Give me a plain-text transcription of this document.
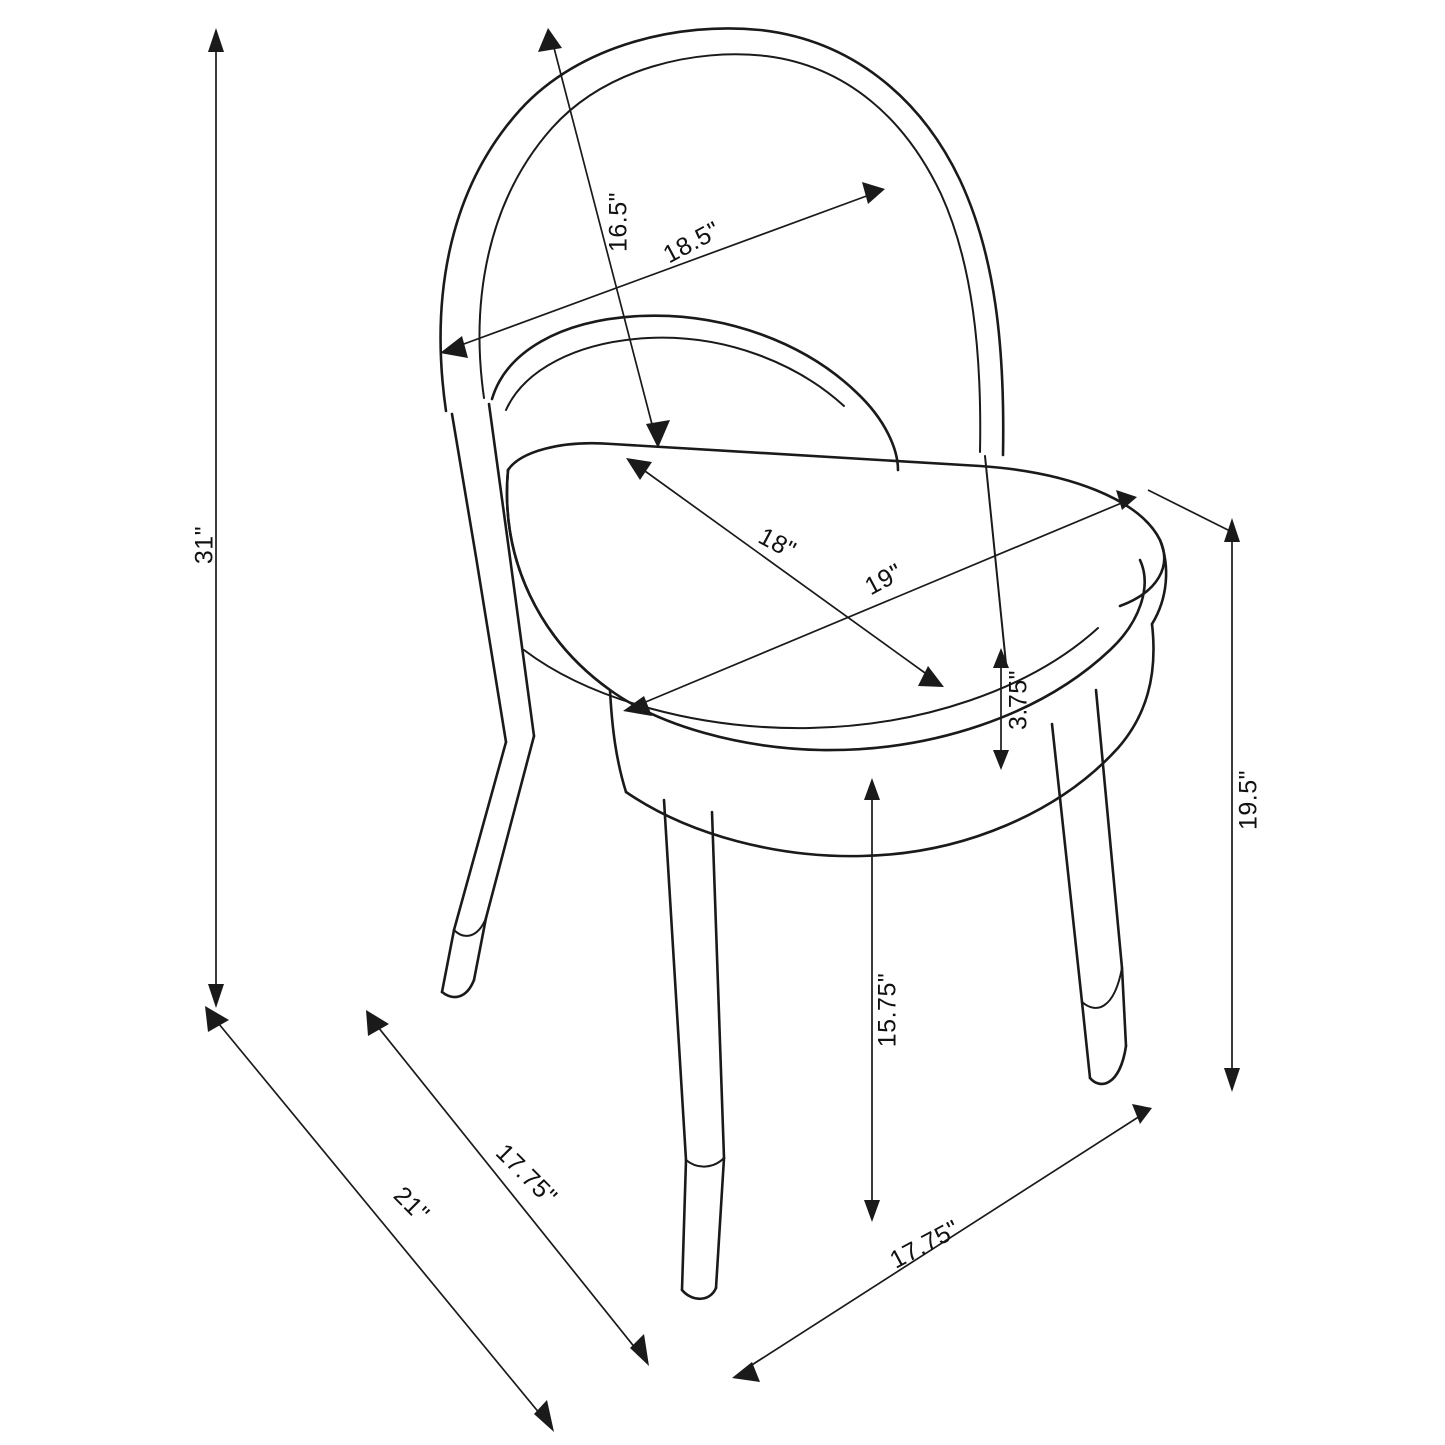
31"
16.5" 18.5"
18"
19"
3.75"
19.5"
15.75"
21" 17.75"
17.75"
